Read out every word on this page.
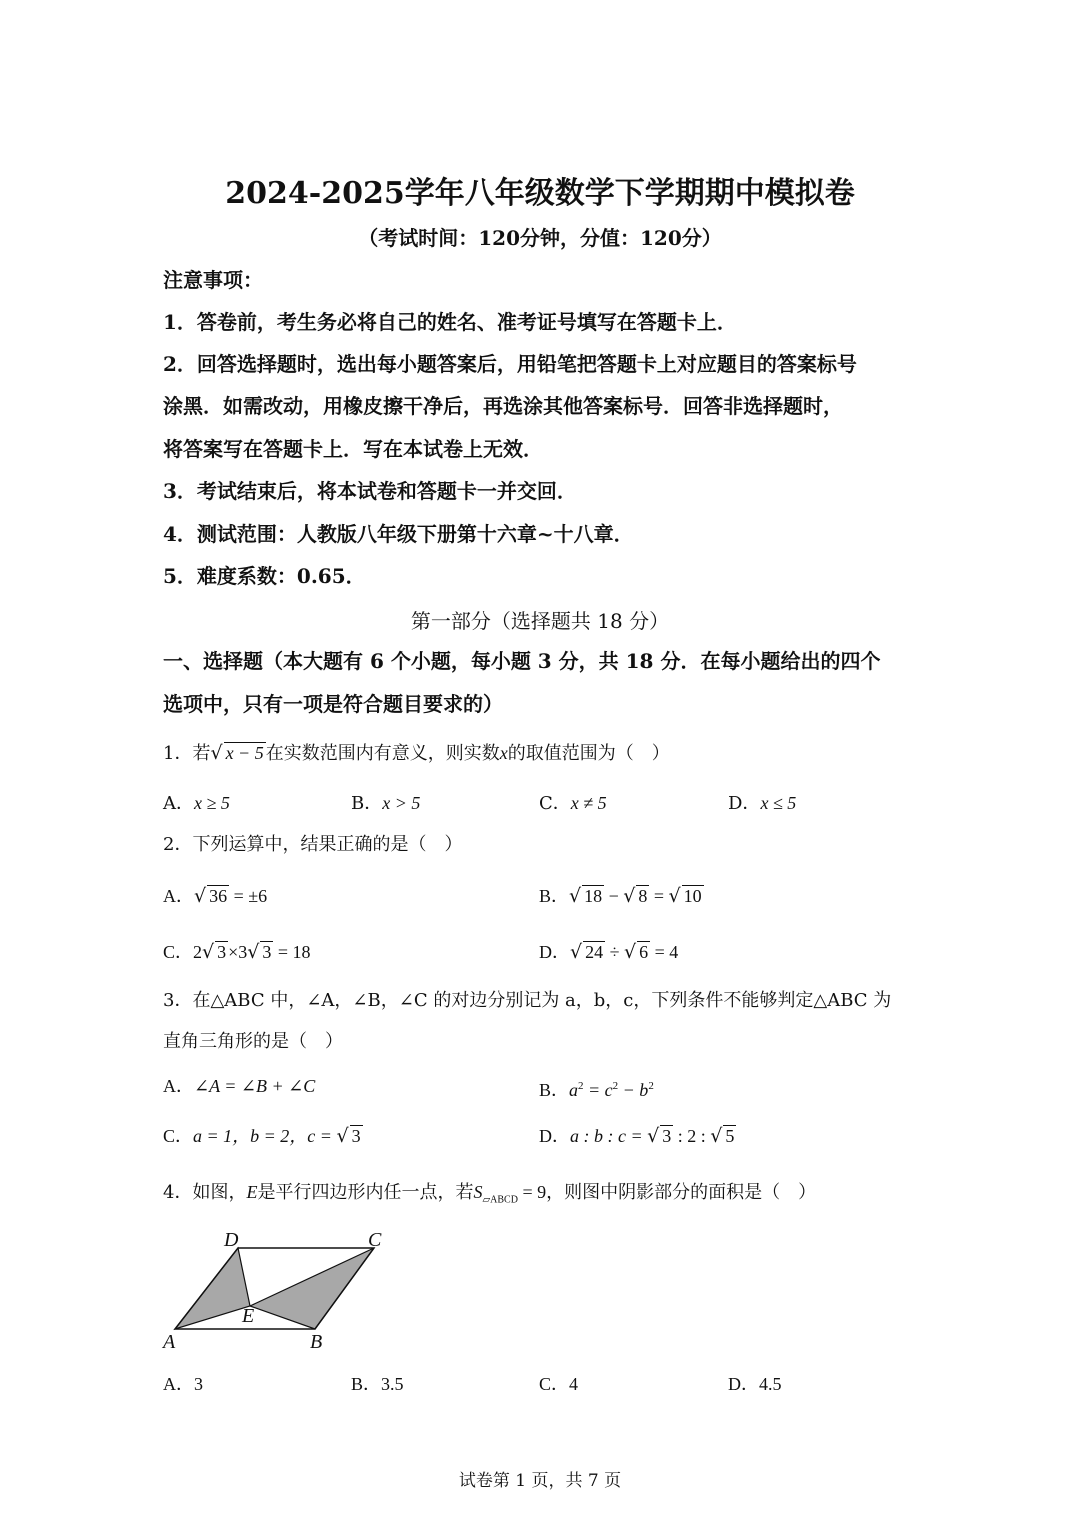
2024-2025学年八年级数学下学期期中模拟卷
（考试时间：120分钟，分值：120分）
注意事项：
1．答卷前，考生务必将自己的姓名、准考证号填写在答题卡上．
2．回答选择题时，选出每小题答案后，用铅笔把答题卡上对应题目的答案标号
涂黑．如需改动，用橡皮擦干净后，再选涂其他答案标号．回答非选择题时，
将答案写在答题卡上．写在本试卷上无效．
3．考试结束后，将本试卷和答题卡一并交回．
4．测试范围：人教版八年级下册第十六章~十八章．
5．难度系数：0.65．
第一部分（选择题共 18 分）
一、选择题（本大题有 6 个小题，每小题 3 分，共 18 分．在每小题给出的四个
选项中，只有一项是符合题目要求的）
1．若√ x − 5 在实数范围内有意义，则实数x的取值范围为（　）
A．x ≥ 5	B．x > 5	C．x ≠ 5	D．x ≤ 5
2．下列运算中，结果正确的是（　）
A．√ 36 = ±6	B．√ 18 − √ 8 = √ 10
C．2√ 3 ×3√ 3 = 18	D．√ 24 ÷ √ 6 = 4
3．在△ABC 中，∠A，∠B，∠C 的对边分别记为 a，b，c，下列条件不能够判定△ABC 为
直角三角形的是（　）
A．∠A = ∠B + ∠C	B．$a^2 = c^2 - b^2$
C．a = 1，b = 2，c = √ 3	D．a : b : c = √ 3 : 2 : √ 5
4．如图，E是平行四边形内任一点，若$S_{▱ABCD} = 9$，则图中阴影部分的面积是（　）
D	C
E
A	B
A．3	B．3.5	C．4	D．4.5
试卷第 1 页，共 7 页
